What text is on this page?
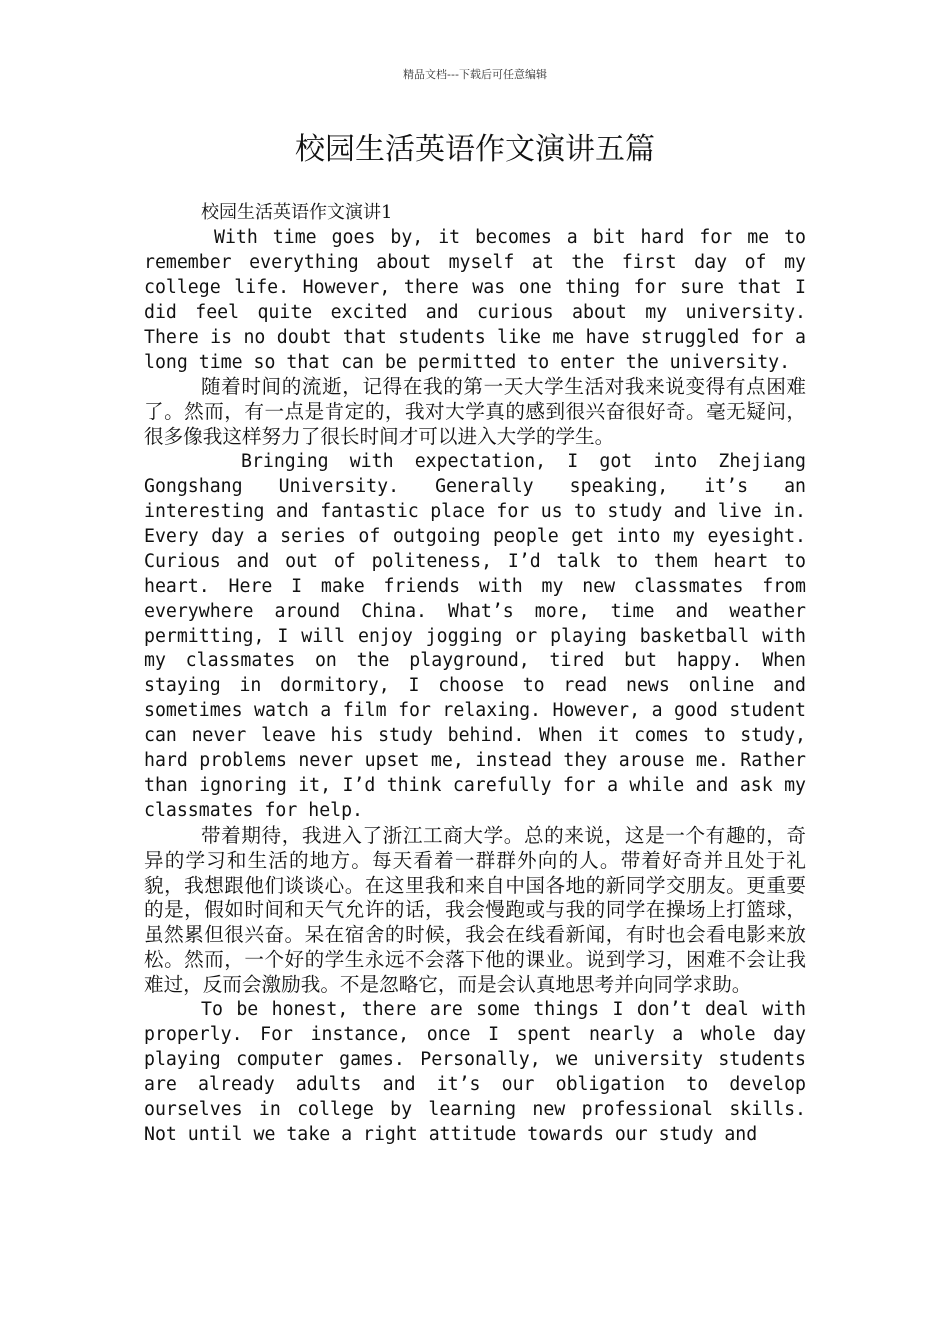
精品文档---下载后可任意编辑
校园生活英语作文演讲五篇

校园生活英语作文演讲1

With time goes by, it becomes a bit hard for me to remember everything about myself at the first day of my college life. However, there was one thing for sure that I did feel quite excited and curious about my university. There is no doubt that students like me have struggled for a long time so that can be permitted to enter the university.

随着时间的流逝，记得在我的第一天大学生活对我来说变得有点困难了。然而，有一点是肯定的，我对大学真的感到很兴奋很好奇。毫无疑问，很多像我这样努力了很长时间才可以进入大学的学生。

Bringing with expectation, I got into Zhejiang Gongshang University. Generally speaking, it’s an interesting and fantastic place for us to study and live in. Every day a series of outgoing people get into my eyesight. Curious and out of politeness, I’d talk to them heart to heart. Here I make friends with my new classmates from everywhere around China. What’s more, time and weather permitting, I will enjoy jogging or playing basketball with my classmates on the playground, tired but happy. When staying in dormitory, I choose to read news online and sometimes watch a film for relaxing. However, a good student can never leave his study behind. When it comes to study, hard problems never upset me, instead they arouse me. Rather than ignoring it, I’d think carefully for a while and ask my classmates for help.

带着期待，我进入了浙江工商大学。总的来说，这是一个有趣的，奇异的学习和生活的地方。每天看着一群群外向的人。带着好奇并且处于礼貌，我想跟他们谈谈心。在这里我和来自中国各地的新同学交朋友。更重要的是，假如时间和天气允许的话，我会慢跑或与我的同学在操场上打篮球，虽然累但很兴奋。呆在宿舍的时候，我会在线看新闻，有时也会看电影来放松。然而，一个好的学生永远不会落下他的课业。说到学习，困难不会让我难过，反而会激励我。不是忽略它，而是会认真地思考并向同学求助。

To be honest, there are some things I don’t deal with properly. For instance, once I spent nearly a whole day playing computer games. Personally, we university students are already adults and it’s our obligation to develop ourselves in college by learning new professional skills. Not until we take a right attitude towards our study and
